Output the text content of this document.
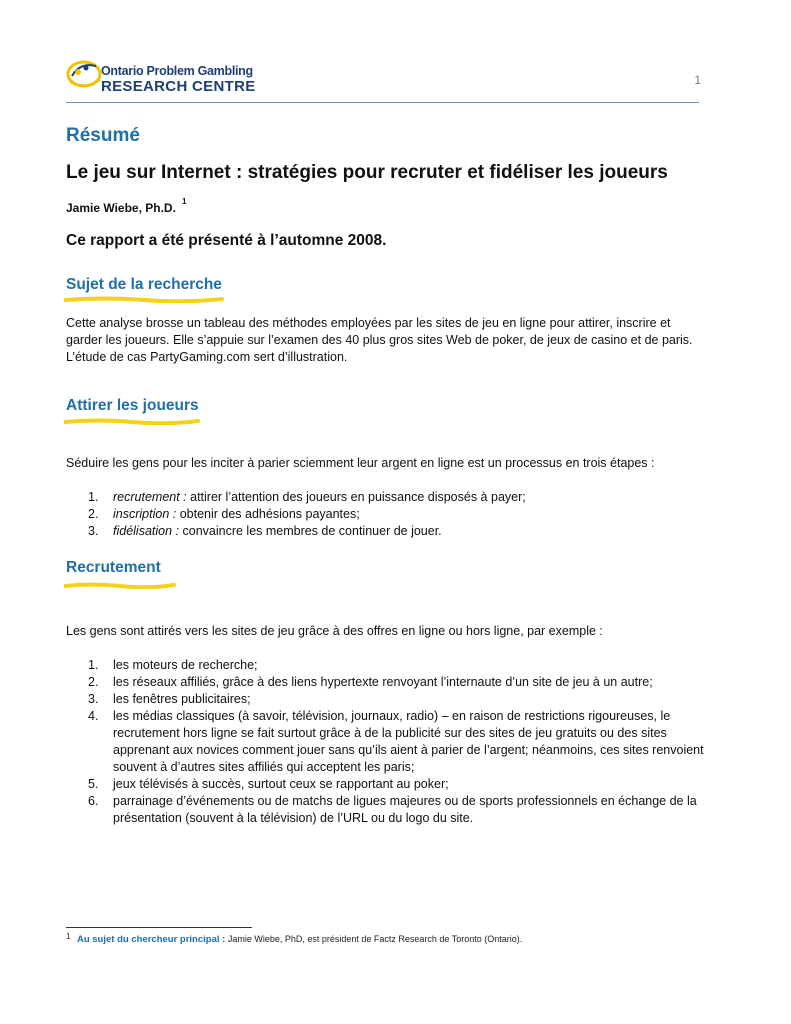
Ontario Problem Gambling
RESEARCH CENTRE	1
Résumé
Le jeu sur Internet : stratégies pour recruter et fidéliser les joueurs
Jamie Wiebe, Ph.D. $^1$
Ce rapport a été présenté à l’automne 2008.
Sujet de la recherche
Cette analyse brosse un tableau des méthodes employées par les sites de jeu en ligne pour attirer, inscrire et
garder les joueurs. Elle s’appuie sur l’examen des 40 plus gros sites Web de poker, de jeux de casino et de paris.
L’étude de cas PartyGaming.com sert d’illustration.
Attirer les joueurs
Séduire les gens pour les inciter à parier sciemment leur argent en ligne est un processus en trois étapes :
1. recrutement : attirer l’attention des joueurs en puissance disposés à payer;
2. inscription : obtenir des adhésions payantes;
3. fidélisation : convaincre les membres de continuer de jouer.
Recrutement
Les gens sont attirés vers les sites de jeu grâce à des offres en ligne ou hors ligne, par exemple :
1. les moteurs de recherche;
2. les réseaux affiliés, grâce à des liens hypertexte renvoyant l’internaute d’un site de jeu à un autre;
3. les fenêtres publicitaires;
4. les médias classiques (à savoir, télévision, journaux, radio) – en raison de restrictions rigoureuses, le recrutement hors ligne se fait surtout grâce à de la publicité sur des sites de jeu gratuits ou des sites apprenant aux novices comment jouer sans qu’ils aient à parier de l’argent; néanmoins, ces sites renvoient souvent à d’autres sites affiliés qui acceptent les paris;
5. jeux télévisés à succès, surtout ceux se rapportant au poker;
6. parrainage d’événements ou de matchs de ligues majeures ou de sports professionnels en échange de la présentation (souvent à la télévision) de l’URL ou du logo du site.
1 Au sujet du chercheur principal : Jamie Wiebe, PhD, est président de Factz Research de Toronto (Ontario).
